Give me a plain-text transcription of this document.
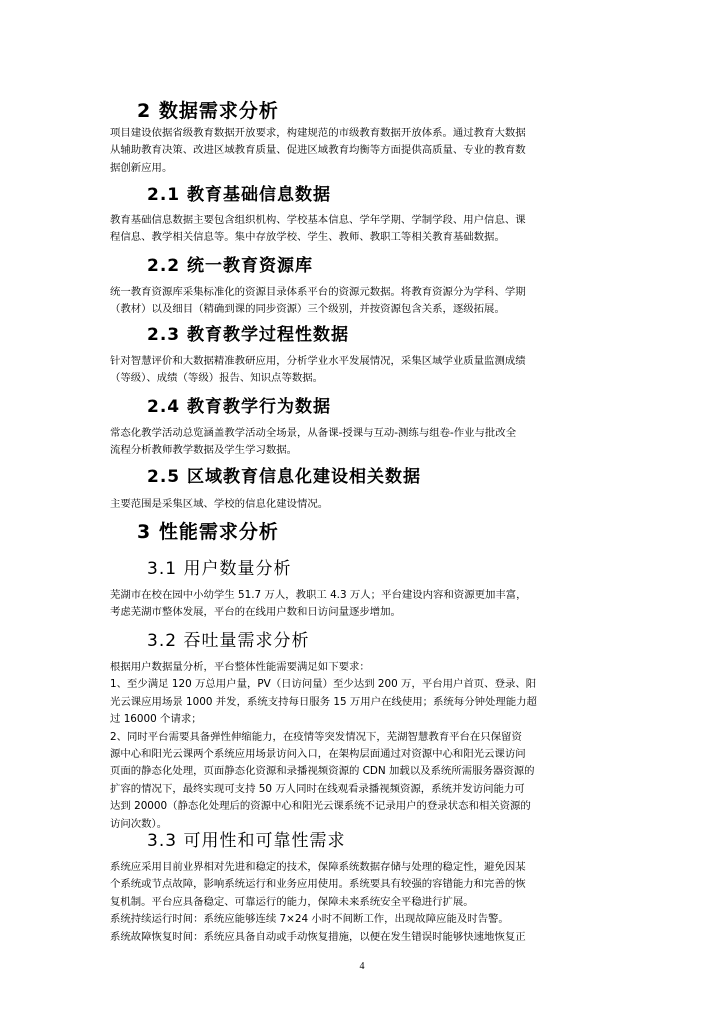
2 数据需求分析
项目建设依据省级教育数据开放要求，构建规范的市级教育数据开放体系。通过教育大数据
从辅助教育决策、改进区域教育质量、促进区域教育均衡等方面提供高质量、专业的教育数
据创新应用。
2.1 教育基础信息数据
教育基础信息数据主要包含组织机构、学校基本信息、学年学期、学制学段、用户信息、课
程信息、教学相关信息等。集中存放学校、学生、教师、教职工等相关教育基础数据。
2.2 统一教育资源库
统一教育资源库采集标准化的资源目录体系平台的资源元数据。将教育资源分为学科、学期
（教材）以及细目（精确到课的同步资源）三个级别，并按资源包含关系，逐级拓展。
2.3 教育教学过程性数据
针对智慧评价和大数据精准教研应用，分析学业水平发展情况，采集区域学业质量监测成绩
（等级）、成绩（等级）报告、知识点等数据。
2.4 教育教学行为数据
常态化教学活动总览涵盖教学活动全场景，从备课-授课与互动-测练与组卷-作业与批改全
流程分析教师教学数据及学生学习数据。
2.5 区域教育信息化建设相关数据
主要范围是采集区域、学校的信息化建设情况。
3 性能需求分析
3.1 用户数量分析
芜湖市在校在园中小幼学生 51.7 万人，教职工 4.3 万人；平台建设内容和资源更加丰富，
考虑芜湖市整体发展，平台的在线用户数和日访问量逐步增加。
3.2 吞吐量需求分析
根据用户数据量分析，平台整体性能需要满足如下要求：
1、至少满足 120 万总用户量，PV（日访问量）至少达到 200 万，平台用户首页、登录、阳
光云课应用场景 1000 并发，系统支持每日服务 15 万用户在线使用；系统每分钟处理能力超
过 16000 个请求；
2、同时平台需要具备弹性伸缩能力，在疫情等突发情况下，芜湖智慧教育平台在只保留资
源中心和阳光云课两个系统应用场景访问入口，在架构层面通过对资源中心和阳光云课访问
页面的静态化处理，页面静态化资源和录播视频资源的 CDN 加载以及系统所需服务器资源的
扩容的情况下，最终实现可支持 50 万人同时在线观看录播视频资源，系统并发访问能力可
达到 20000（静态化处理后的资源中心和阳光云课系统不记录用户的登录状态和相关资源的
访问次数）。
3.3 可用性和可靠性需求
系统应采用目前业界相对先进和稳定的技术，保障系统数据存储与处理的稳定性，避免因某
个系统或节点故障，影响系统运行和业务应用使用。系统要具有较强的容错能力和完善的恢
复机制。平台应具备稳定、可靠运行的能力，保障未来系统安全平稳进行扩展。
系统持续运行时间：系统应能够连续 7×24 小时不间断工作，出现故障应能及时告警。
系统故障恢复时间：系统应具备自动或手动恢复措施，以便在发生错误时能够快速地恢复正
4
